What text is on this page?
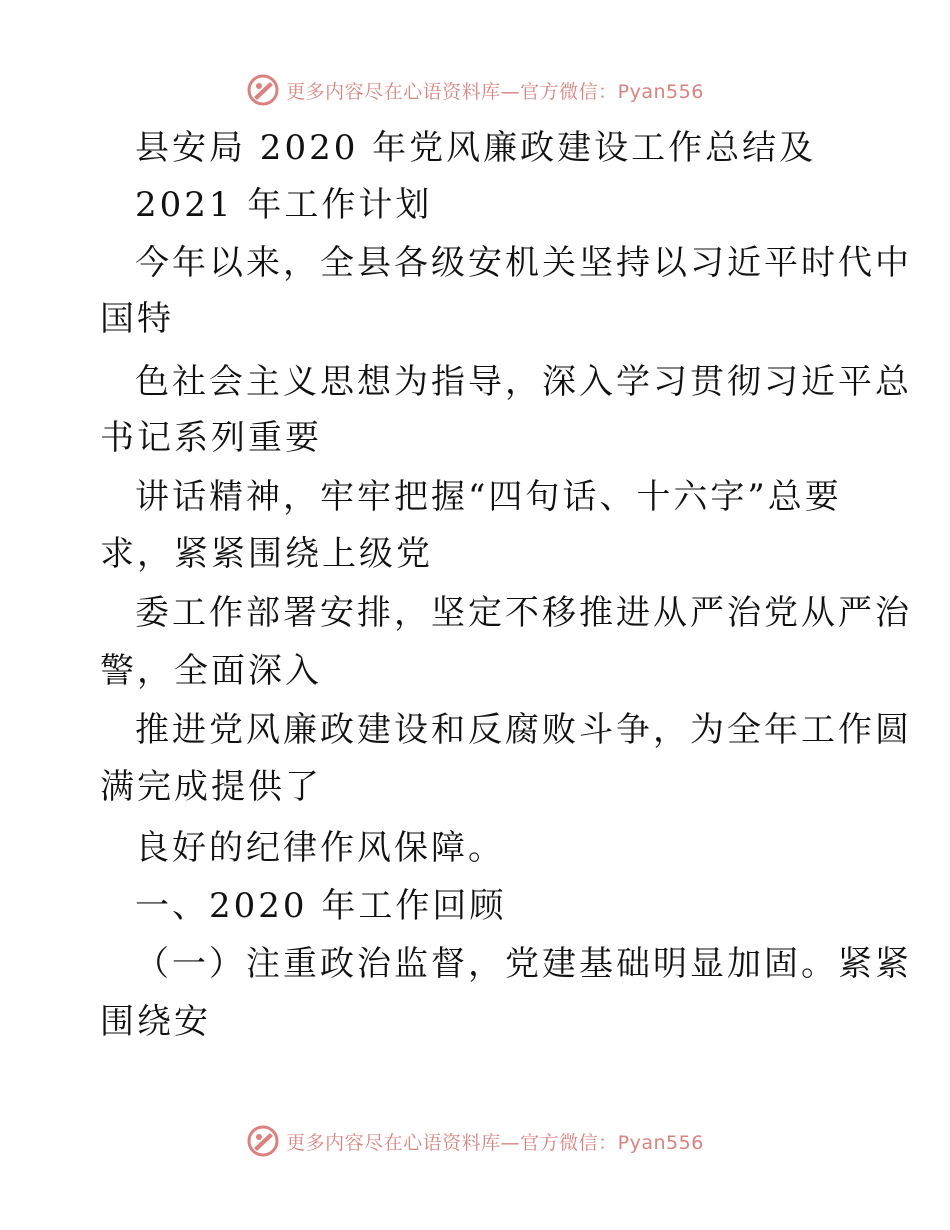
更多内容尽在心语资料库—官方微信：Pyan556
县安局 2020 年党风廉政建设工作总结及
2021 年工作计划
今年以来，全县各级安机关坚持以习近平时代中
国特
色社会主义思想为指导，深入学习贯彻习近平总
书记系列重要
讲话精神，牢牢把握“四句话、十六字”总要
求，紧紧围绕上级党
委工作部署安排，坚定不移推进从严治党从严治
警，全面深入
推进党风廉政建设和反腐败斗争，为全年工作圆
满完成提供了
良好的纪律作风保障。
一、2020 年工作回顾
（一）注重政治监督，党建基础明显加固。紧紧
围绕安
更多内容尽在心语资料库—官方微信：Pyan556
